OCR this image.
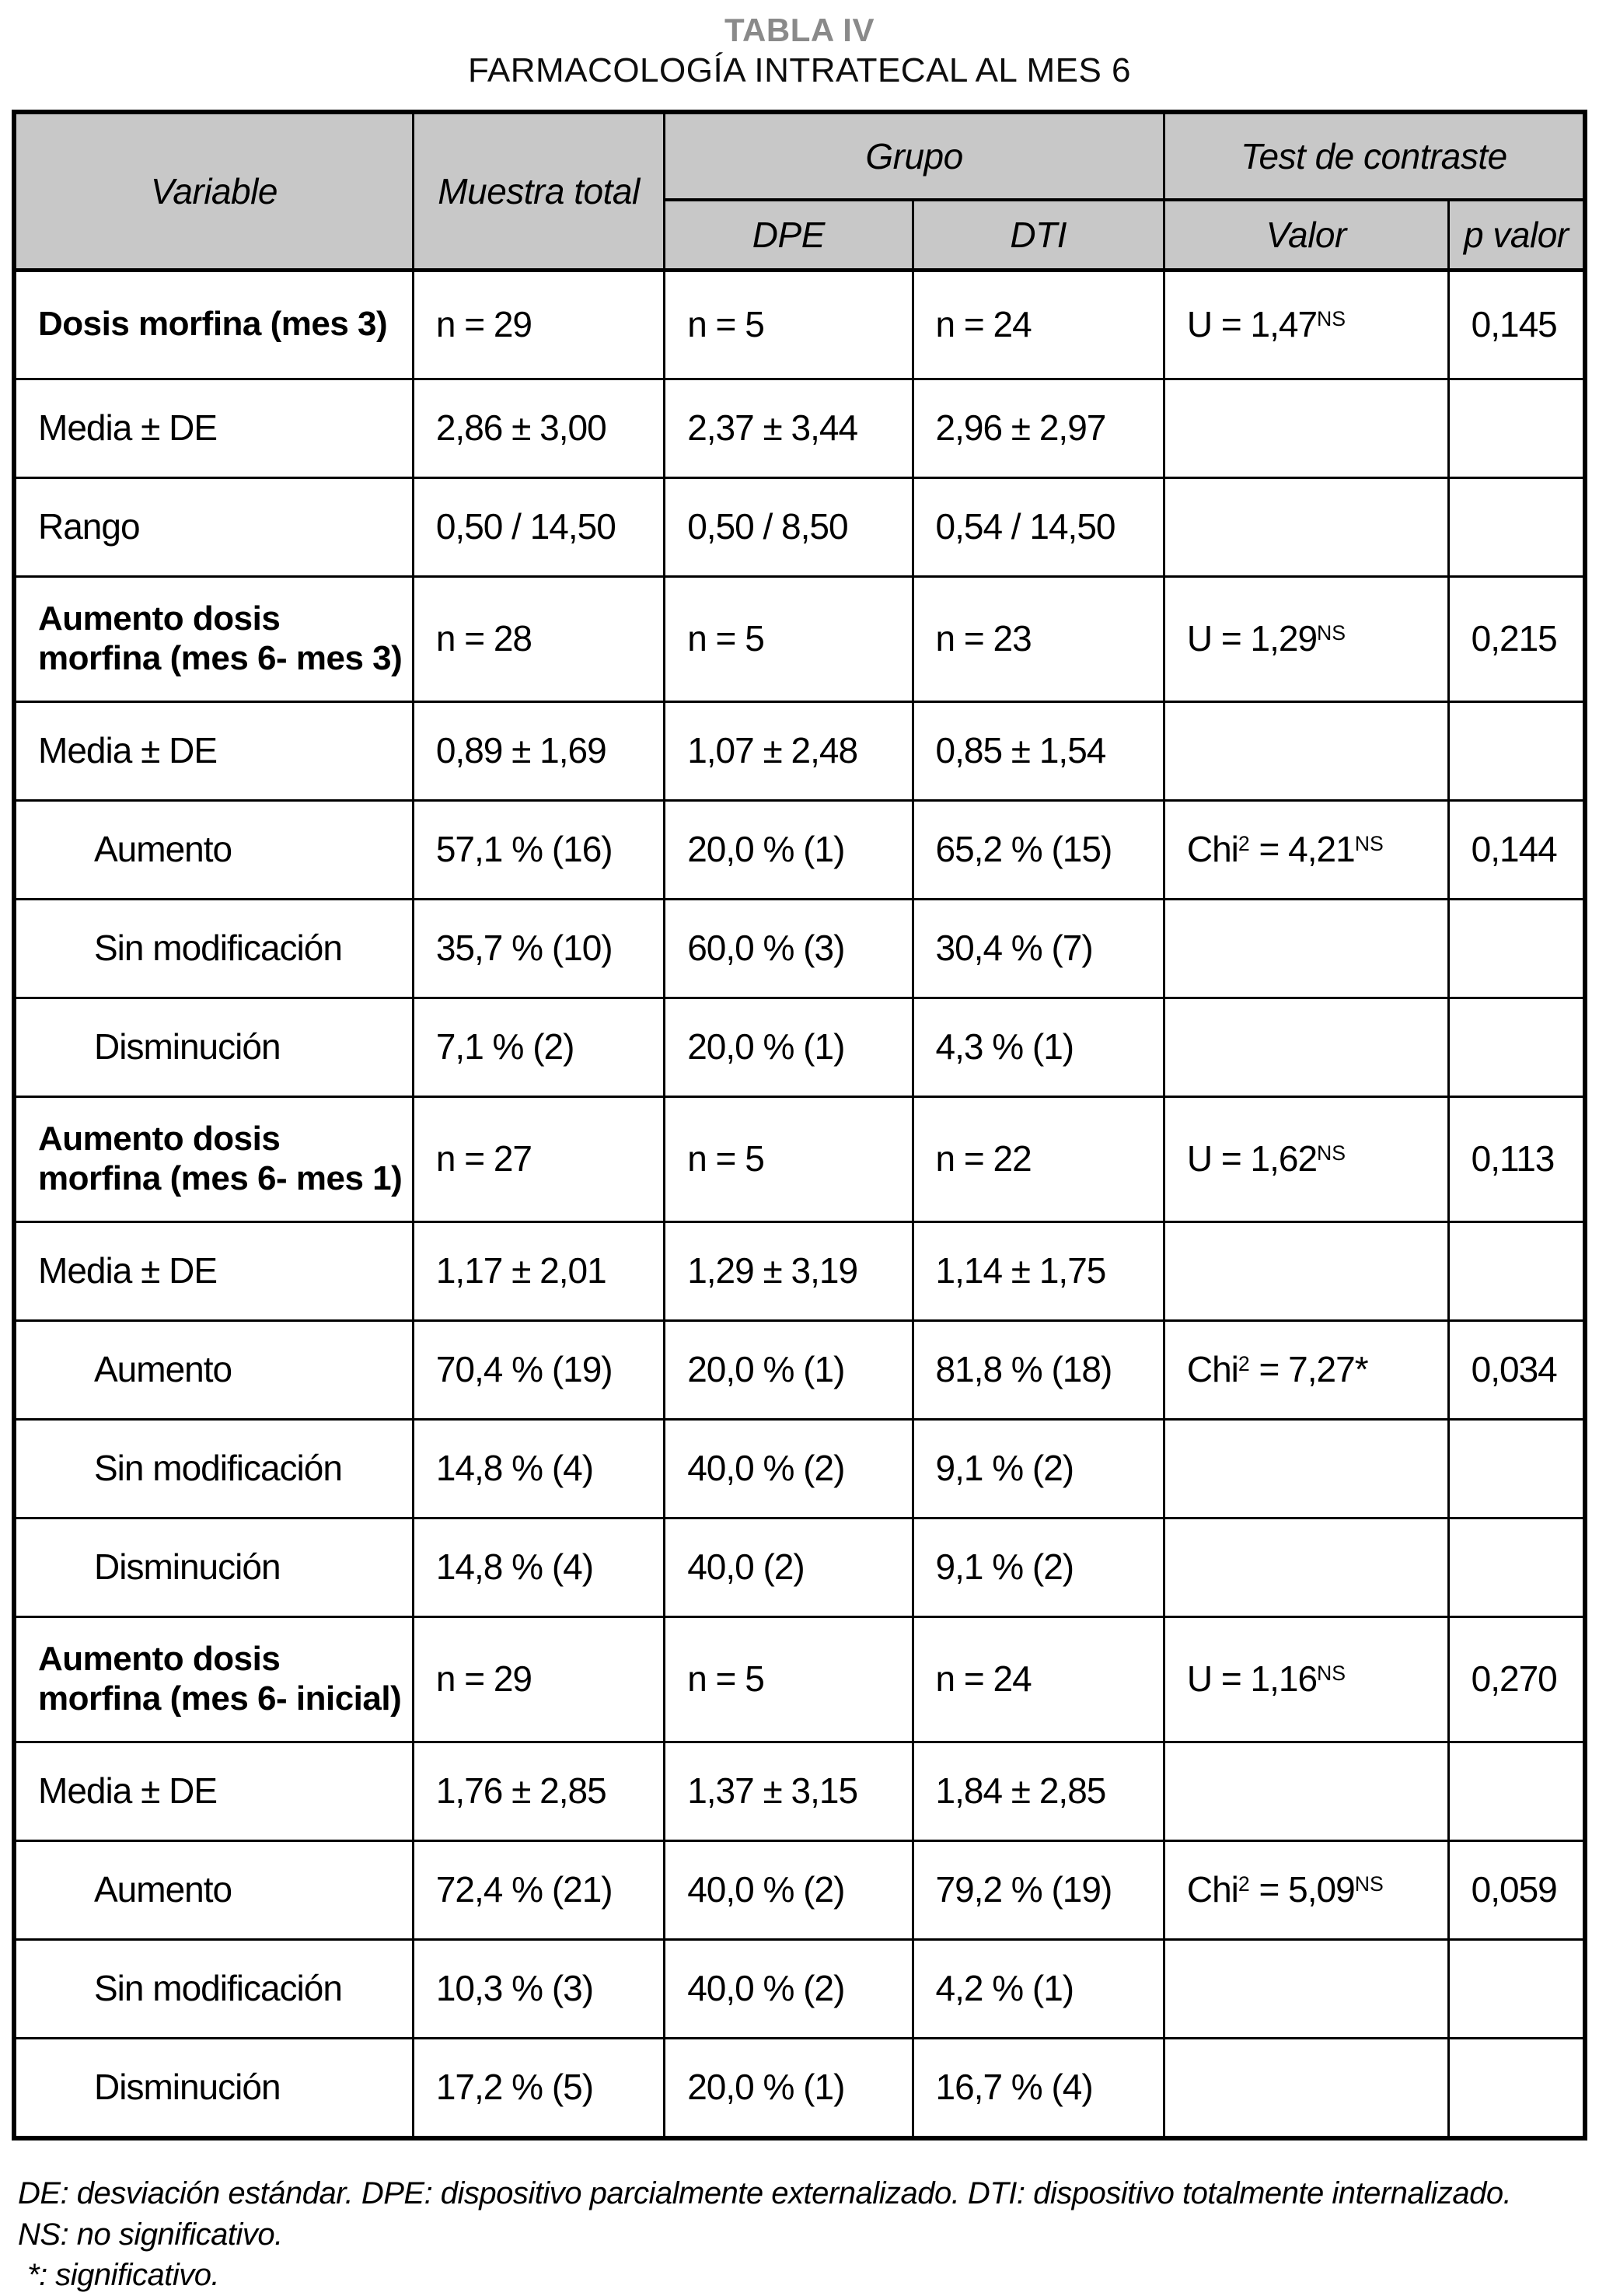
TABLA IV
FARMACOLOGÍA INTRATECAL AL MES 6
Variable	Muestra total	Grupo		Test de contraste	
		DPE	DTI	Valor	p valor
Dosis morfina (mes 3)	n = 29	n = 5	n = 24	$U = 1,47^{NS}$	0,145
Media ± DE	2,86 ± 3,00	2,37 ± 3,44	2,96 ± 2,97		
Rango	0,50 / 14,50	0,50 / 8,50	0,54 / 14,50		
Aumento dosis morfina (mes 6- mes 3)	n = 28	n = 5	n = 23	$U = 1,29^{NS}$	0,215
Media ± DE	0,89 ± 1,69	1,07 ± 2,48	0,85 ± 1,54		
Aumento	57,1 % (16)	20,0 % (1)	65,2 % (15)	$Chi^2 = 4,21^{NS}$	0,144
Sin modificación	35,7 % (10)	60,0 % (3)	30,4 % (7)		
Disminución	7,1 % (2)	20,0 % (1)	4,3 % (1)		
Aumento dosis morfina (mes 6- mes 1)	n = 27	n = 5	n = 22	$U = 1,62^{NS}$	0,113
Media ± DE	1,17 ± 2,01	1,29 ± 3,19	1,14 ± 1,75		
Aumento	70,4 % (19)	20,0 % (1)	81,8 % (18)	Chi$^2$ = 7,27*	0,034
Sin modificación	14,8 % (4)	40,0 % (2)	9,1 % (2)		
Disminución	14,8 % (4)	40,0 (2)	9,1 % (2)		
Aumento dosis morfina (mes 6- inicial)	n = 29	n = 5	n = 24	$U = 1,16^{NS}$	0,270
Media ± DE	1,76 ± 2,85	1,37 ± 3,15	1,84 ± 2,85		
Aumento	72,4 % (21)	40,0 % (2)	79,2 % (19)	$Chi^2 = 5,09^{NS}$	0,059
Sin modificación	10,3 % (3)	40,0 % (2)	4,2 % (1)		
Disminución	17,2 % (5)	20,0 % (1)	16,7 % (4)		
DE: desviación estándar. DPE: dispositivo parcialmente externalizado. DTI: dispositivo totalmente internalizado.
NS: no significativo.
*: significativo.
